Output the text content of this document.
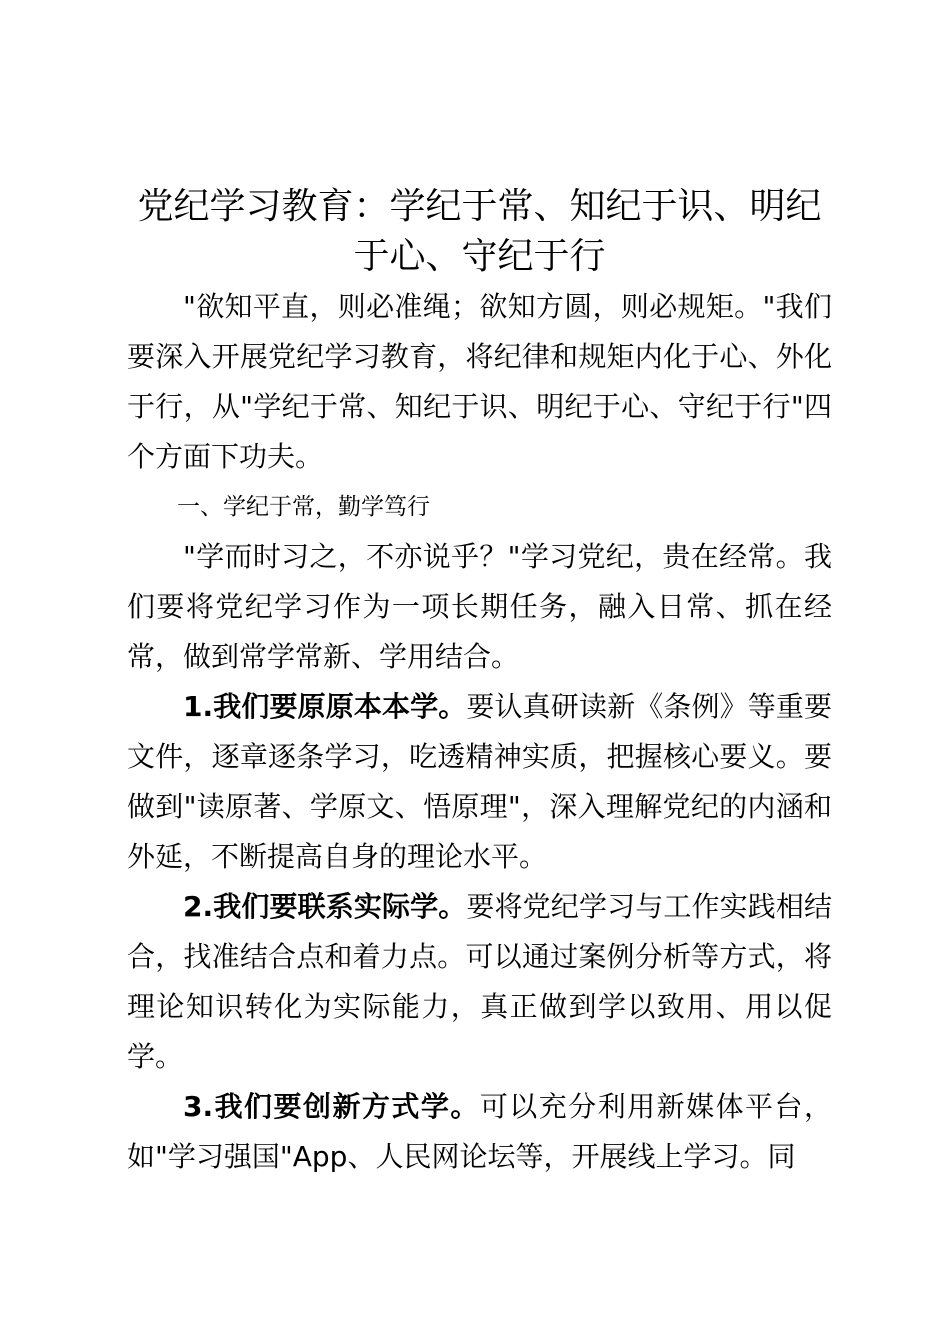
党纪学习教育：学纪于常、知纪于识、明纪于心、守纪于行

"欲知平直，则必准绳；欲知方圆，则必规矩。"我们要深入开展党纪学习教育，将纪律和规矩内化于心、外化于行，从"学纪于常、知纪于识、明纪于心、守纪于行"四个方面下功夫。

一、学纪于常，勤学笃行

"学而时习之，不亦说乎？"学习党纪，贵在经常。我们要将党纪学习作为一项长期任务，融入日常、抓在经常，做到常学常新、学用结合。

1.我们要原原本本学。要认真研读新《条例》等重要文件，逐章逐条学习，吃透精神实质，把握核心要义。要做到"读原著、学原文、悟原理"，深入理解党纪的内涵和外延，不断提高自身的理论水平。

2.我们要联系实际学。要将党纪学习与工作实践相结合，找准结合点和着力点。可以通过案例分析等方式，将理论知识转化为实际能力，真正做到学以致用、用以促学。

3.我们要创新方式学。可以充分利用新媒体平台，如"学习强国"App、人民网论坛等，开展线上学习。同
